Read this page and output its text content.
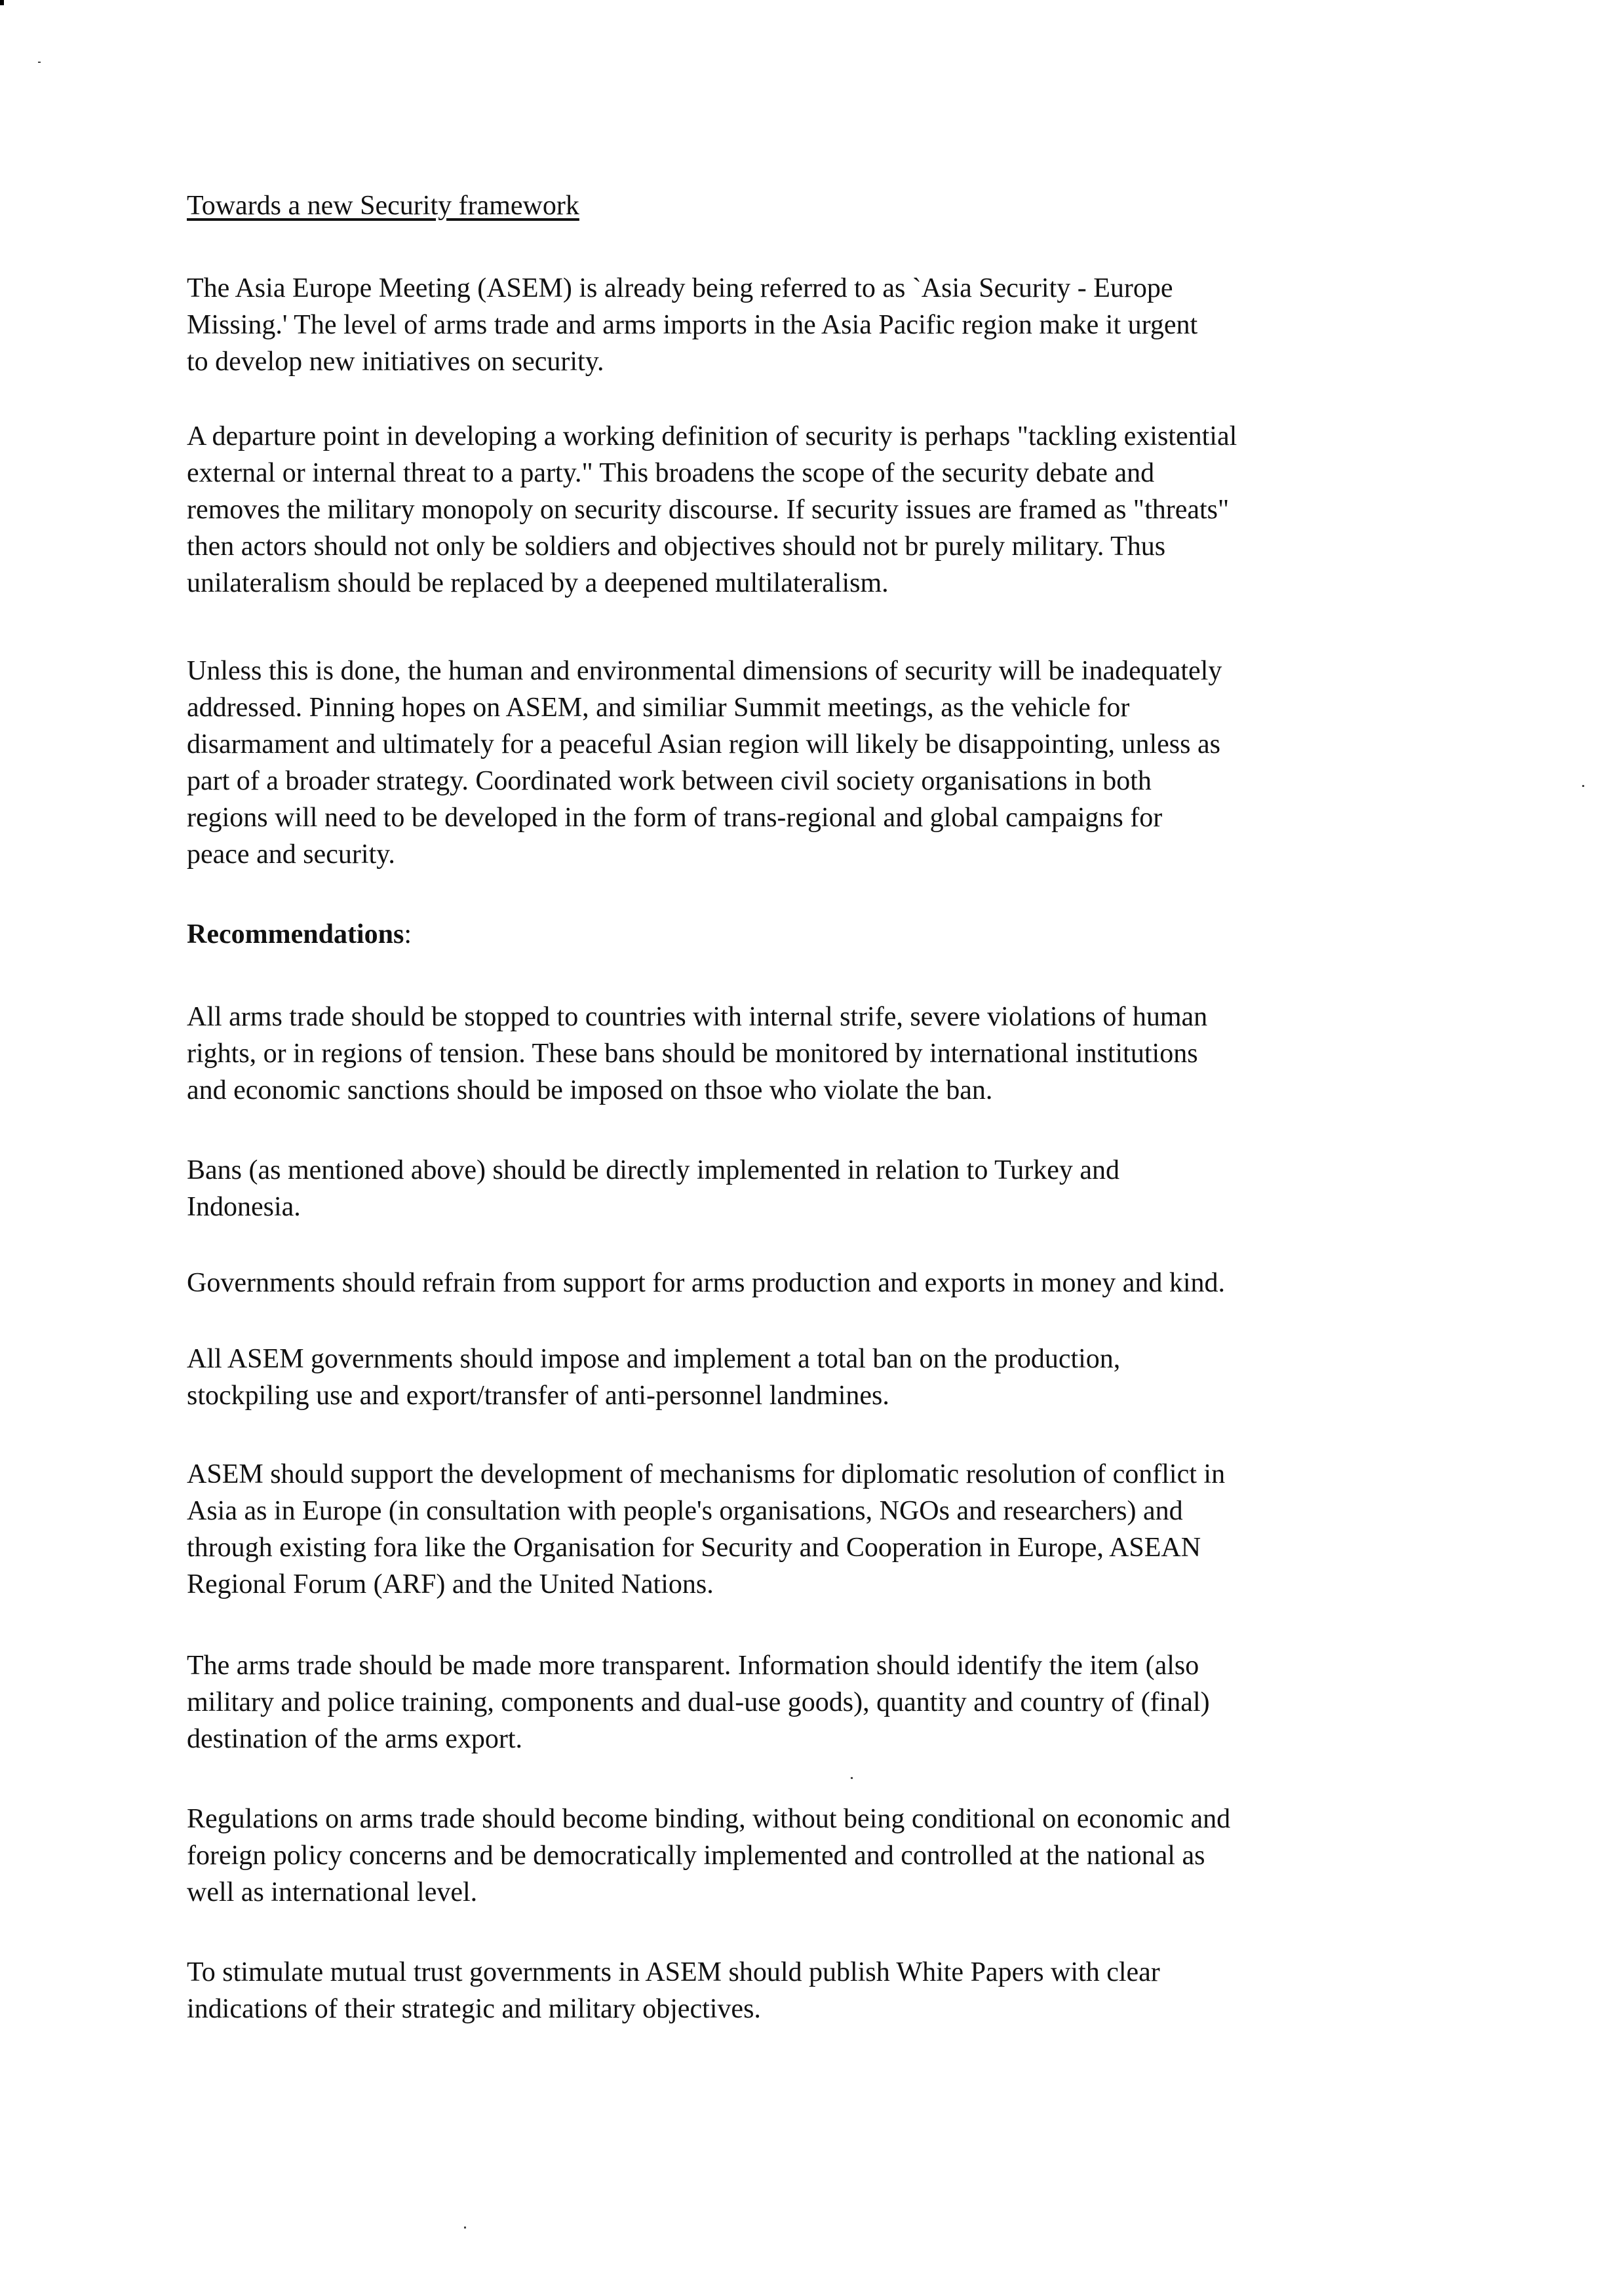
Towards a new Security framework
The Asia Europe Meeting (ASEM) is already being referred to as `Asia Security - Europe
Missing.' The level of arms trade and arms imports in the Asia Pacific region make it urgent
to develop new initiatives on security.
A departure point in developing a working definition of security is perhaps "tackling existential
external or internal threat to a party." This broadens the scope of the security debate and
removes the military monopoly on security discourse. If security issues are framed as "threats"
then actors should not only be soldiers and objectives should not br purely military. Thus
unilateralism should be replaced by a deepened multilateralism.
Unless this is done, the human and environmental dimensions of security will be inadequately
addressed. Pinning hopes on ASEM, and similiar Summit meetings, as the vehicle for
disarmament and ultimately for a peaceful Asian region will likely be disappointing, unless as
part of a broader strategy. Coordinated work between civil society organisations in both
regions will need to be developed in the form of trans-regional and global campaigns for
peace and security.
Recommendations:
All arms trade should be stopped to countries with internal strife, severe violations of human
rights, or in regions of tension. These bans should be monitored by international institutions
and economic sanctions should be imposed on thsoe who violate the ban.
Bans (as mentioned above) should be directly implemented in relation to Turkey and
Indonesia.
Governments should refrain from support for arms production and exports in money and kind.
All ASEM governments should impose and implement a total ban on the production,
stockpiling use and export/transfer of anti-personnel landmines.
ASEM should support the development of mechanisms for diplomatic resolution of conflict in
Asia as in Europe (in consultation with people's organisations, NGOs and researchers) and
through existing fora like the Organisation for Security and Cooperation in Europe, ASEAN
Regional Forum (ARF) and the United Nations.
The arms trade should be made more transparent. Information should identify the item (also
military and police training, components and dual-use goods), quantity and country of (final)
destination of the arms export.
Regulations on arms trade should become binding, without being conditional on economic and
foreign policy concerns and be democratically implemented and controlled at the national as
well as international level.
To stimulate mutual trust governments in ASEM should publish White Papers with clear
indications of their strategic and military objectives.
